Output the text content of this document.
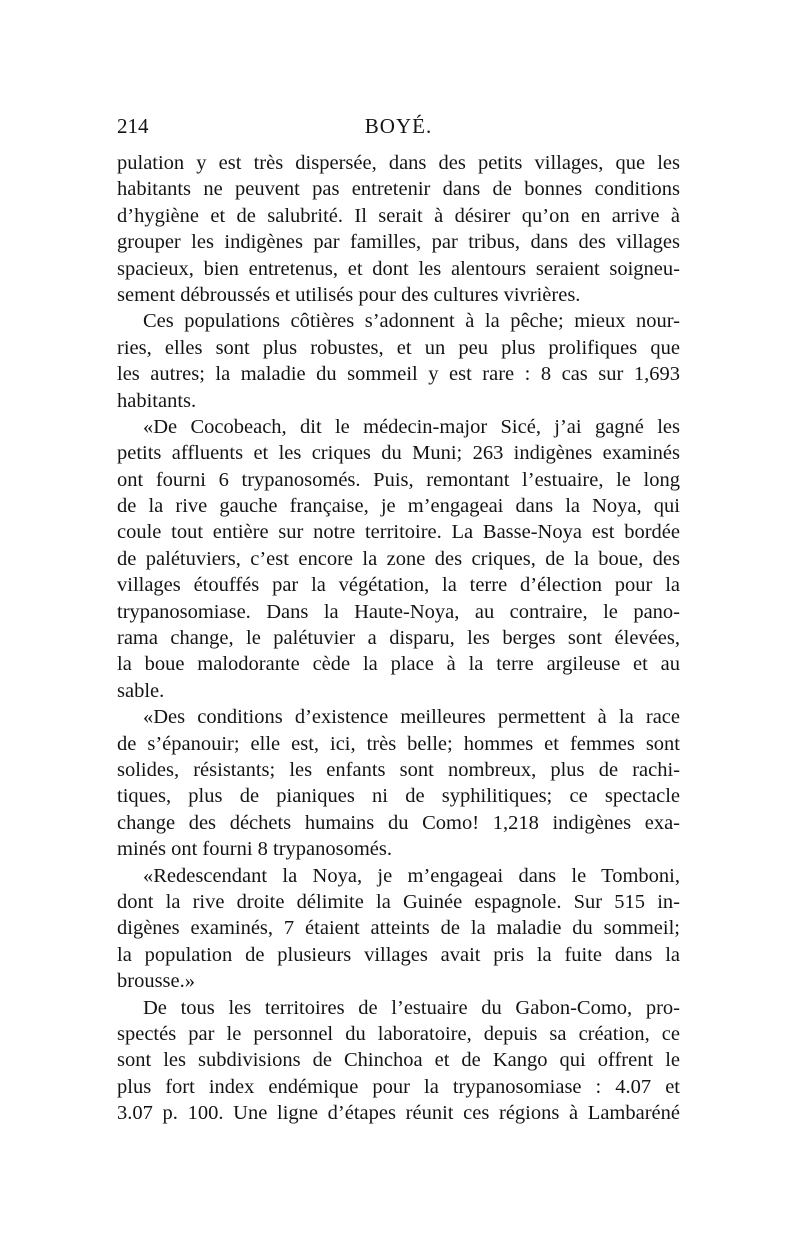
214	BOYÉ.
pulation y est très dispersée, dans des petits villages, que les
habitants ne peuvent pas entretenir dans de bonnes conditions
d’hygiène et de salubrité. Il serait à désirer qu’on en arrive à
grouper les indigènes par familles, par tribus, dans des villages
spacieux, bien entretenus, et dont les alentours seraient soigneu-
sement débroussés et utilisés pour des cultures vivrières.
Ces populations côtières s’adonnent à la pêche; mieux nour-
ries, elles sont plus robustes, et un peu plus prolifiques que
les autres; la maladie du sommeil y est rare : 8 cas sur 1,693
habitants.
«De Cocobeach, dit le médecin-major Sicé, j’ai gagné les
petits affluents et les criques du Muni; 263 indigènes examinés
ont fourni 6 trypanosomés. Puis, remontant l’estuaire, le long
de la rive gauche française, je m’engageai dans la Noya, qui
coule tout entière sur notre territoire. La Basse-Noya est bordée
de palétuviers, c’est encore la zone des criques, de la boue, des
villages étouffés par la végétation, la terre d’élection pour la
trypanosomiase. Dans la Haute-Noya, au contraire, le pano-
rama change, le palétuvier a disparu, les berges sont élevées,
la boue malodorante cède la place à la terre argileuse et au
sable.
«Des conditions d’existence meilleures permettent à la race
de s’épanouir; elle est, ici, très belle; hommes et femmes sont
solides, résistants; les enfants sont nombreux, plus de rachi-
tiques, plus de pianiques ni de syphilitiques; ce spectacle
change des déchets humains du Como! 1,218 indigènes exa-
minés ont fourni 8 trypanosomés.
«Redescendant la Noya, je m’engageai dans le Tomboni,
dont la rive droite délimite la Guinée espagnole. Sur 515 in-
digènes examinés, 7 étaient atteints de la maladie du sommeil;
la population de plusieurs villages avait pris la fuite dans la
brousse.»
De tous les territoires de l’estuaire du Gabon-Como, pro-
spectés par le personnel du laboratoire, depuis sa création, ce
sont les subdivisions de Chinchoa et de Kango qui offrent le
plus fort index endémique pour la trypanosomiase : 4.07 et
3.07 p. 100. Une ligne d’étapes réunit ces régions à Lambaréné
